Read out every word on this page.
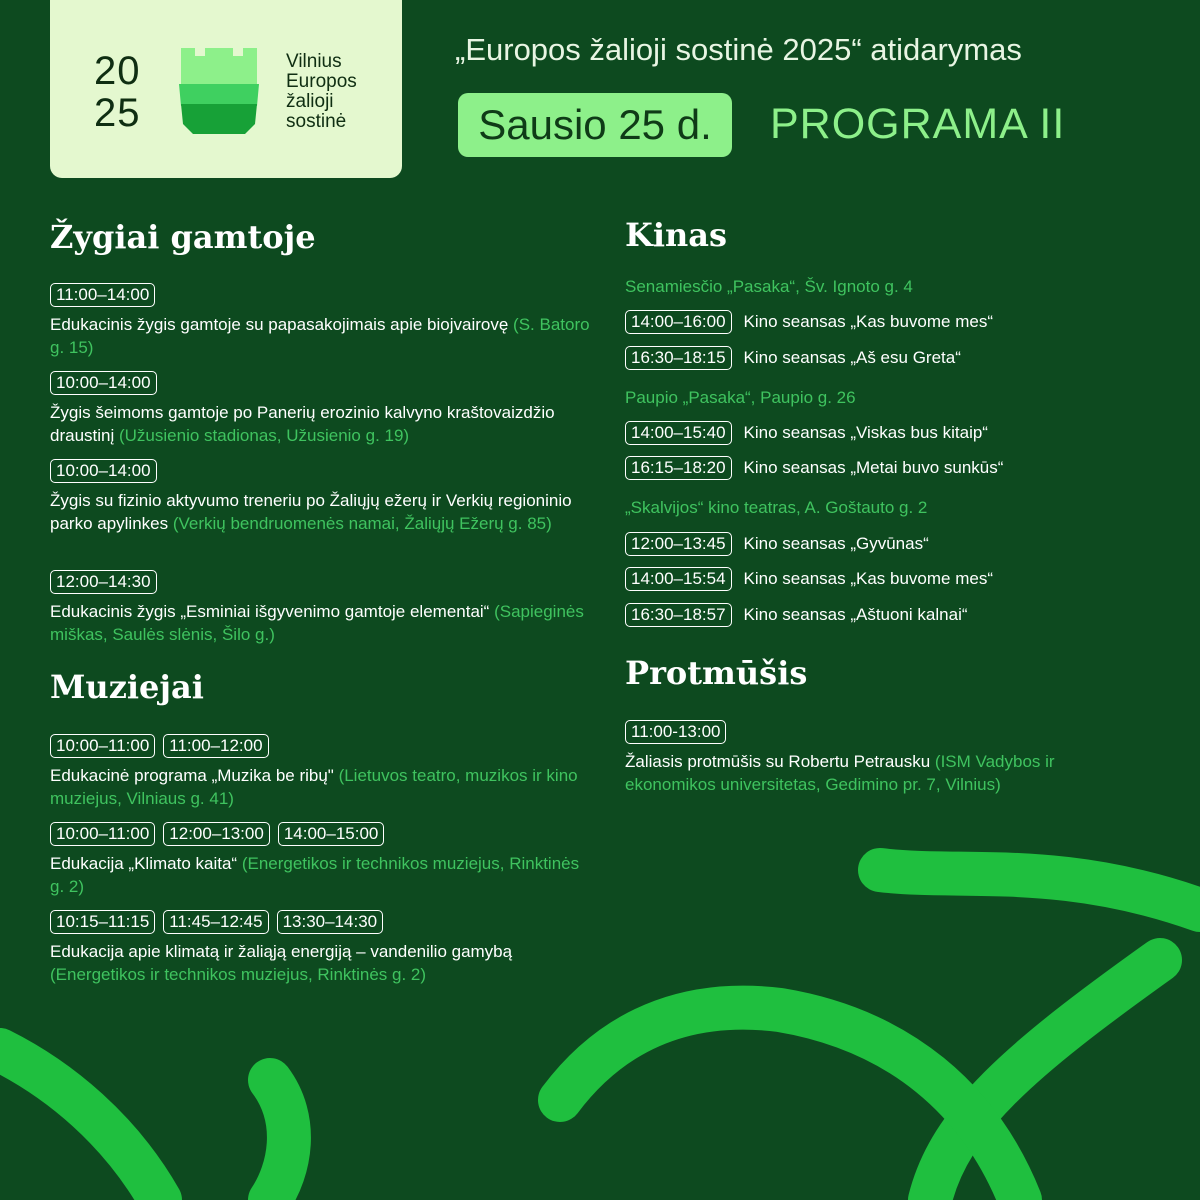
20
25
Vilnius
Europos
žalioji
sostinė
„Europos žalioji sostinė 2025“ atidarymas
Sausio 25 d.	PROGRAMA II
Žygiai gamtoje
11:00–14:00
Edukacinis žygis gamtoje su papasakojimais apie biojvairovę (S. Batoro g. 15)
10:00–14:00
Žygis šeimoms gamtoje po Panerių erozinio kalvyno kraštovaizdžio draustinį (Užusienio stadionas, Užusienio g. 19)
10:00–14:00
Žygis su fizinio aktyvumo treneriu po Žaliųjų ežerų ir Verkių regioninio parko apylinkes (Verkių bendruomenės namai, Žaliųjų Ežerų g. 85)
12:00–14:30
Edukacinis žygis „Esminiai išgyvenimo gamtoje elementai“ (Sapieginės miškas, Saulės slėnis, Šilo g.)
Muziejai
10:00–11:00	11:00–12:00
Edukacinė programa „Muzika be ribų" (Lietuvos teatro, muzikos ir kino muziejus, Vilniaus g. 41)
10:00–11:00	12:00–13:00	14:00–15:00
Edukacija „Klimato kaita“ (Energetikos ir technikos muziejus, Rinktinės g. 2)
10:15–11:15	11:45–12:45	13:30–14:30
Edukacija apie klimatą ir žaliąją energiją – vandenilio gamybą (Energetikos ir technikos muziejus, Rinktinės g. 2)
Kinas
Senamiesčio „Pasaka“, Šv. Ignoto g. 4
14:00–16:00	Kino seansas „Kas buvome mes“
16:30–18:15	Kino seansas „Aš esu Greta“
Paupio „Pasaka“, Paupio g. 26
14:00–15:40	Kino seansas „Viskas bus kitaip“
16:15–18:20	Kino seansas „Metai buvo sunkūs“
„Skalvijos“ kino teatras, A. Goštauto g. 2
12:00–13:45	Kino seansas „Gyvūnas“
14:00–15:54	Kino seansas „Kas buvome mes“
16:30–18:57	Kino seansas „Aštuoni kalnai“
Protmūšis
11:00-13:00
Žaliasis protmūšis su Robertu Petrausku (ISM Vadybos ir ekonomikos universitetas, Gedimino pr. 7, Vilnius)
